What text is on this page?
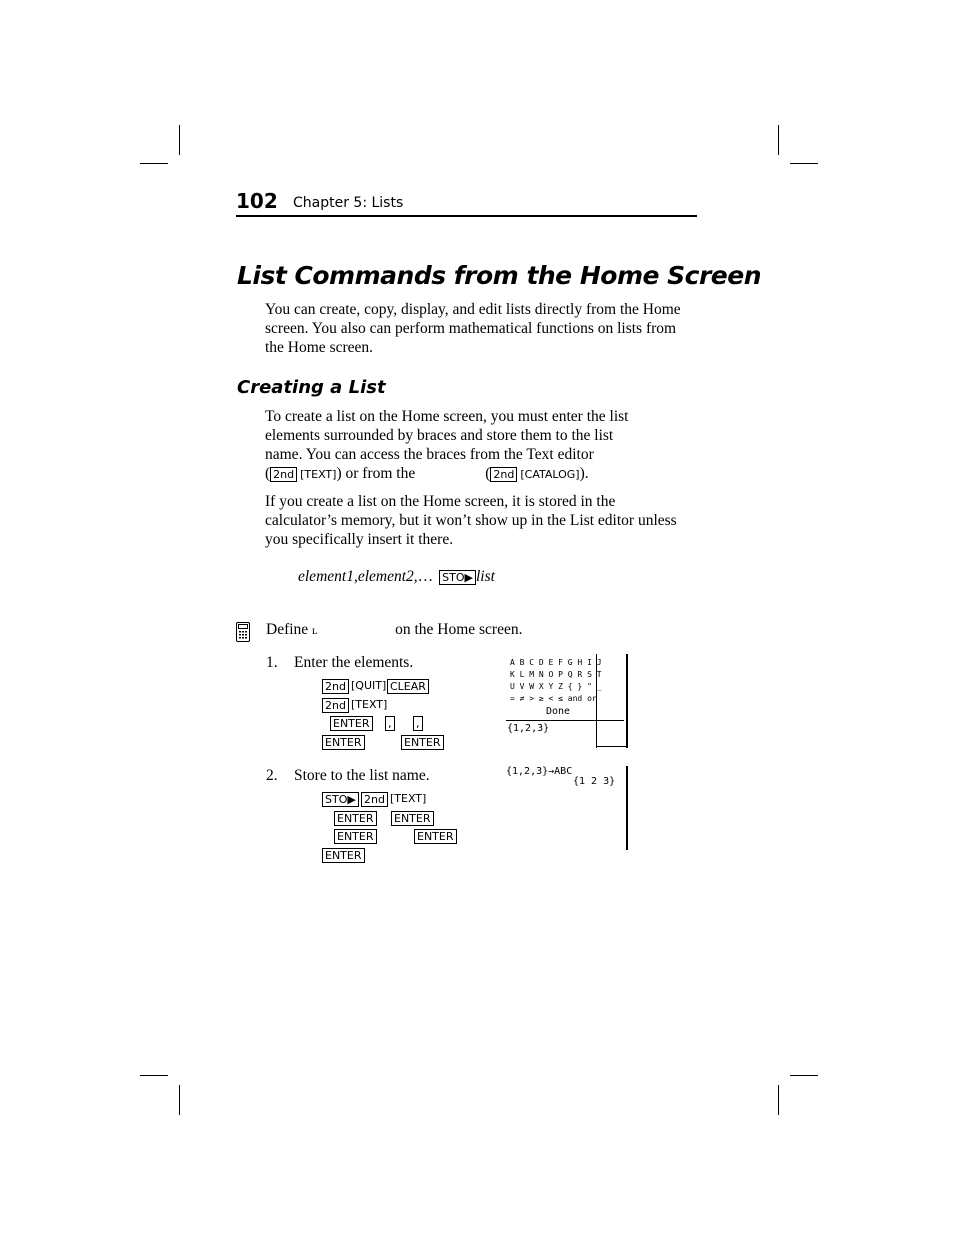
102 Chapter 5: Lists
List Commands from the Home Screen
You can create, copy, display, and edit lists directly from the Home screen. You also can perform mathematical functions on lists from the Home screen.
Creating a List
To create a list on the Home screen, you must enter the list
elements surrounded by braces and store them to the list
name. You can access the braces from the Text editor
( 2nd [TEXT]) or from the	( 2nd [CATALOG]).
If you create a list on the Home screen, it is stored in the calculator’s memory, but it won’t show up in the List editor unless you specifically insert it there.
element1,element2,… STO▶ list
Define ʟ	on the Home screen.
1. Enter the elements.
2nd [QUIT] CLEAR
2nd [TEXT]
ENTER , ,
ENTER	ENTER
A B C D E F G H I J
K L M N O P Q R S T
U V W X Y Z { } " _
= ≠ > ≥ < ≤ and or
Done
{1,2,3}
2. Store to the list name.
STO▶ 2nd [TEXT]
ENTER ENTER
ENTER	ENTER
ENTER
{1,2,3}→ABC
{1 2 3}
